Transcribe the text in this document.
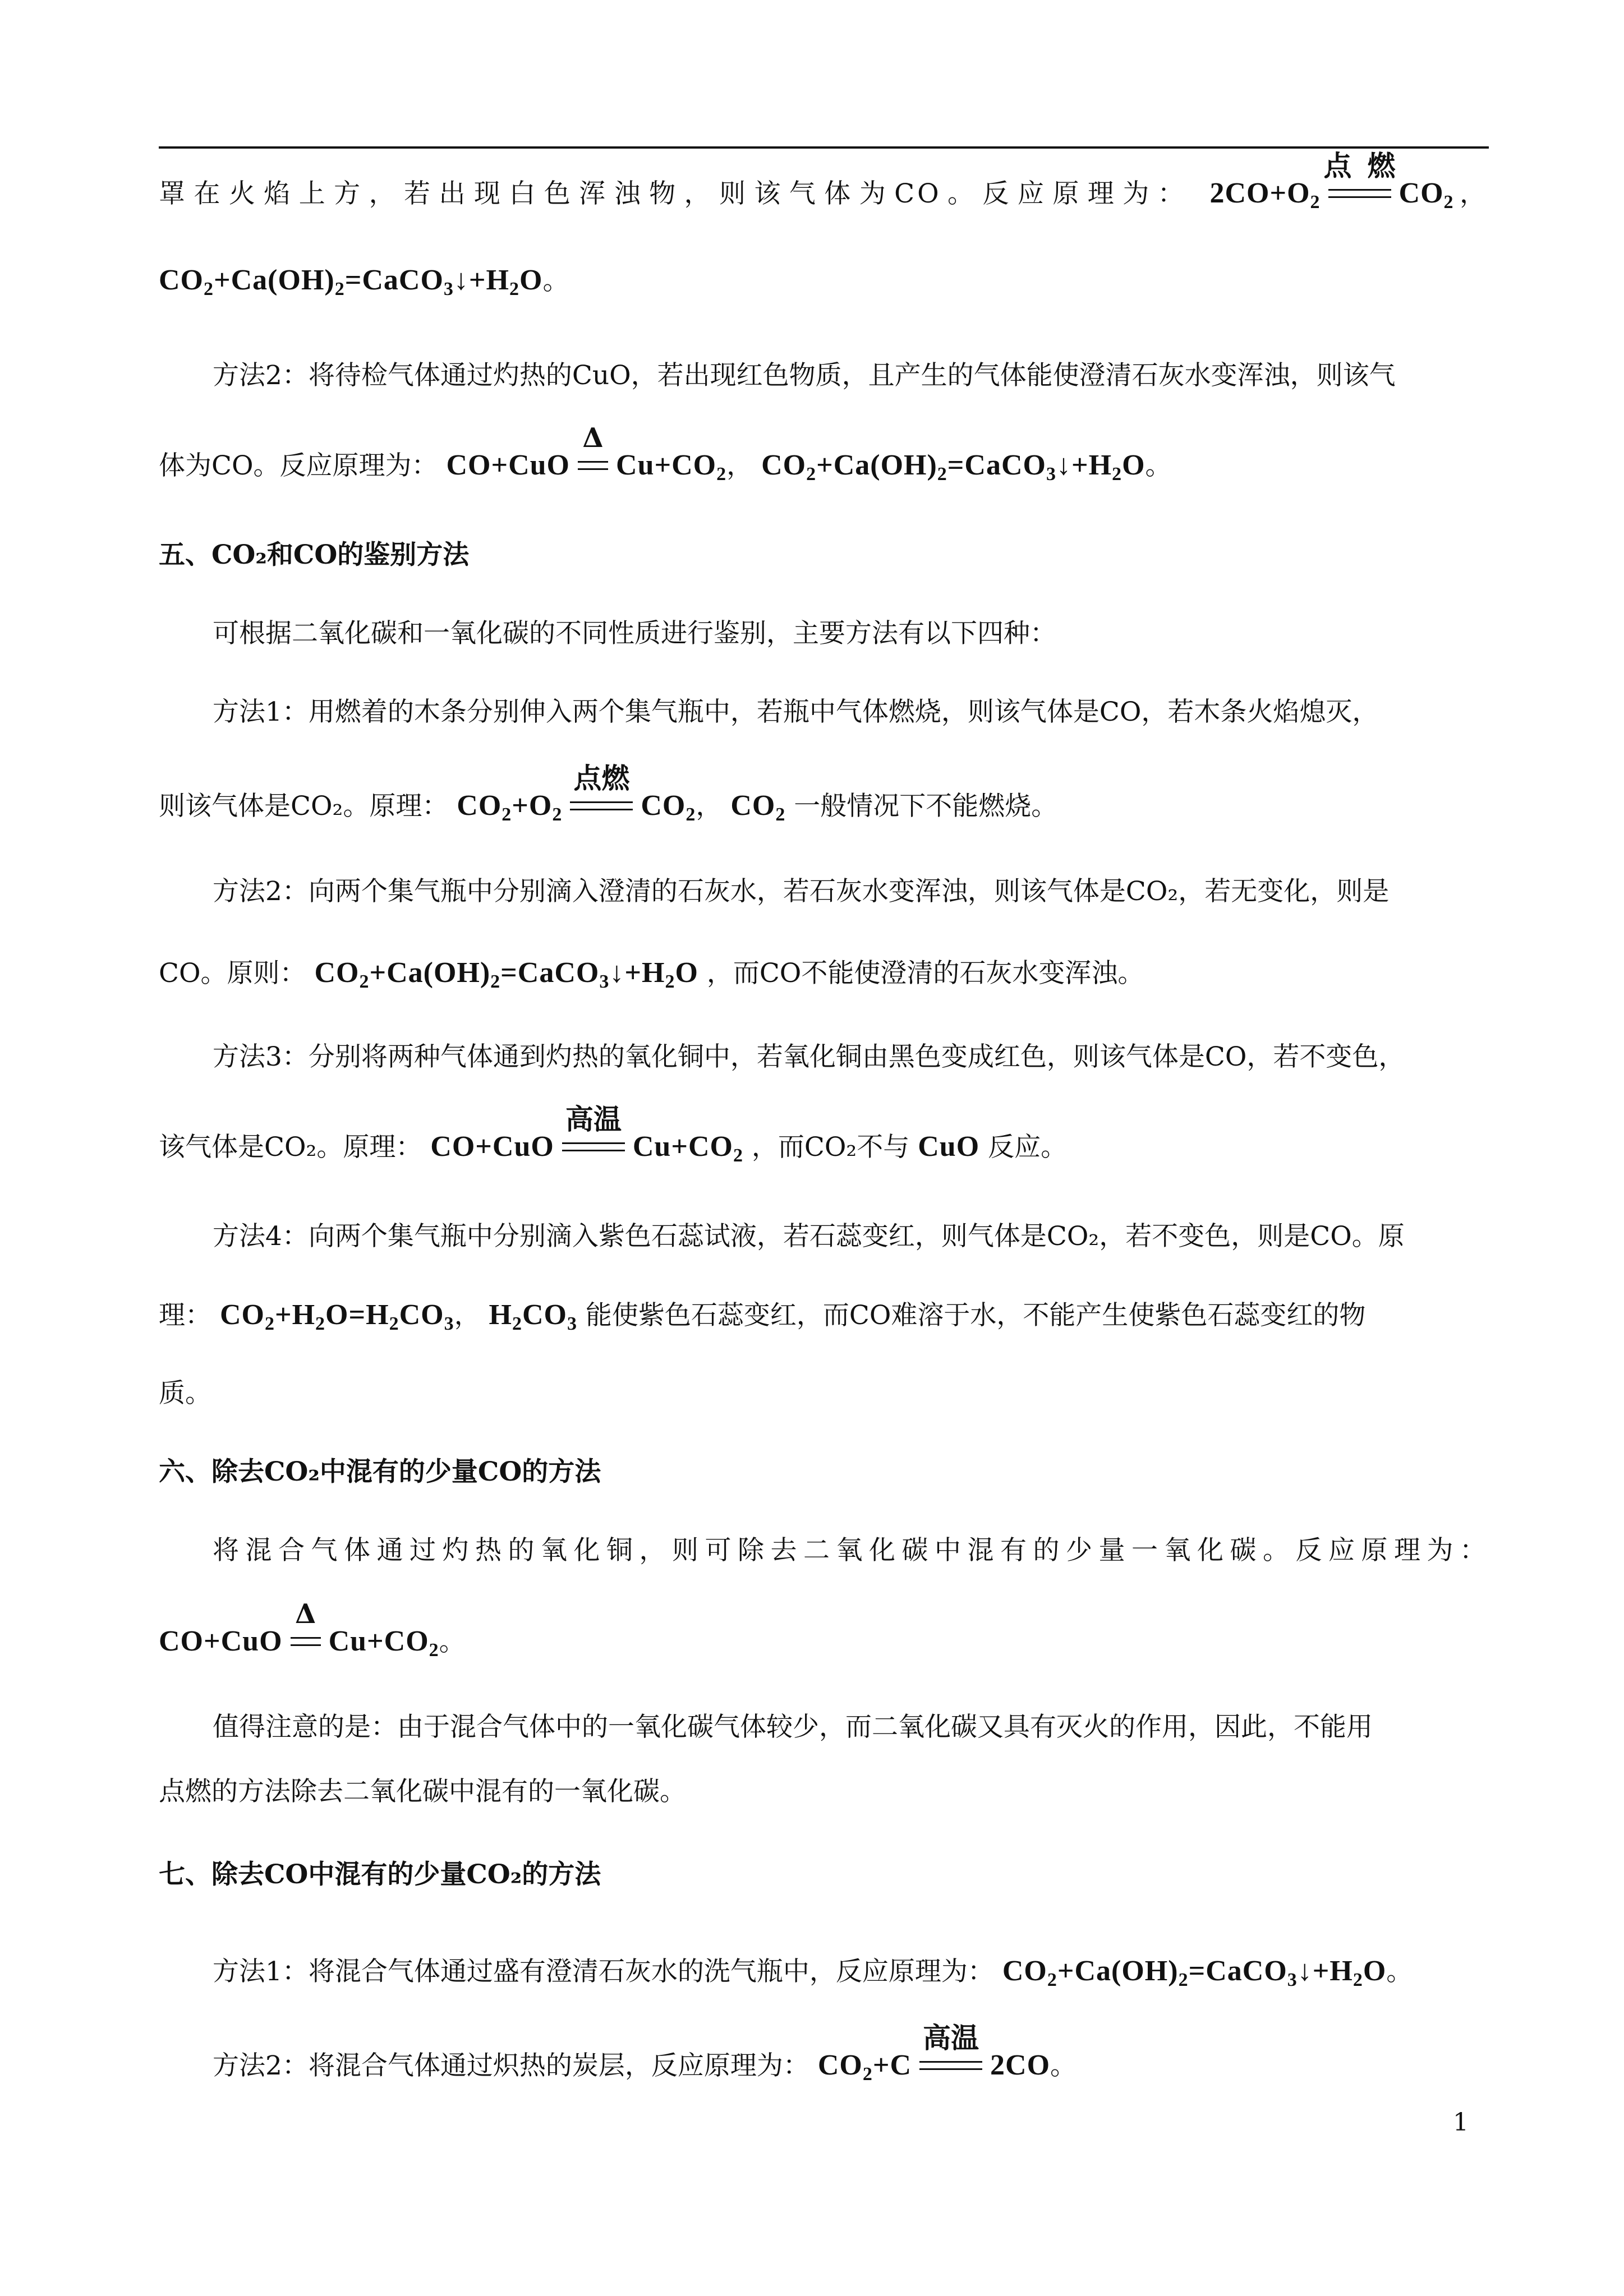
罩在火焰上方，若出现白色浑浊物，则该气体为CO。反应原理为： $2CO+O_2$
点燃
$CO_2$，
$CO_2+Ca(OH)_2=CaCO_3↓+H_2O$。
方法2：将待检气体通过灼热的CuO，若出现红色物质，且产生的气体能使澄清石灰水变浑浊，则该气
体为CO。反应原理为： CO+CuO
Δ
$Cu+CO_2$， $CO_2+Ca(OH)_2=CaCO_3↓+H_2O$。
五、CO₂和CO的鉴别方法
可根据二氧化碳和一氧化碳的不同性质进行鉴别，主要方法有以下四种：
方法1：用燃着的木条分别伸入两个集气瓶中，若瓶中气体燃烧，则该气体是CO，若木条火焰熄灭，
则该气体是CO₂。原理： $CO_2+O_2$
点燃
$CO_2$， $CO_2$ 一般情况下不能燃烧。
方法2：向两个集气瓶中分别滴入澄清的石灰水，若石灰水变浑浊，则该气体是CO₂，若无变化，则是
CO。原则： $CO_2+Ca(OH)_2=CaCO_3↓+H_2O$ ，而CO不能使澄清的石灰水变浑浊。
方法3：分别将两种气体通到灼热的氧化铜中，若氧化铜由黑色变成红色，则该气体是CO，若不变色，
该气体是CO₂。原理： CO+CuO
高温
$Cu+CO_2$ ，而CO₂不与 CuO 反应。
方法4：向两个集气瓶中分别滴入紫色石蕊试液，若石蕊变红，则气体是CO₂，若不变色，则是CO。原
理： $CO_2+H_2O=H_2CO_3$， $H_2CO_3$ 能使紫色石蕊变红，而CO难溶于水，不能产生使紫色石蕊变红的物
质。
六、除去CO₂中混有的少量CO的方法
将混合气体通过灼热的氧化铜，则可除去二氧化碳中混有的少量一氧化碳。反应原理为：
CO+CuO
Δ
$Cu+CO_2$。
值得注意的是：由于混合气体中的一氧化碳气体较少，而二氧化碳又具有灭火的作用，因此，不能用
点燃的方法除去二氧化碳中混有的一氧化碳。
七、除去CO中混有的少量CO₂的方法
方法1：将混合气体通过盛有澄清石灰水的洗气瓶中，反应原理为： $CO_2+Ca(OH)_2=CaCO_3↓+H_2O$。
方法2：将混合气体通过炽热的炭层，反应原理为： $CO_2+C$
高温
2CO。
1
